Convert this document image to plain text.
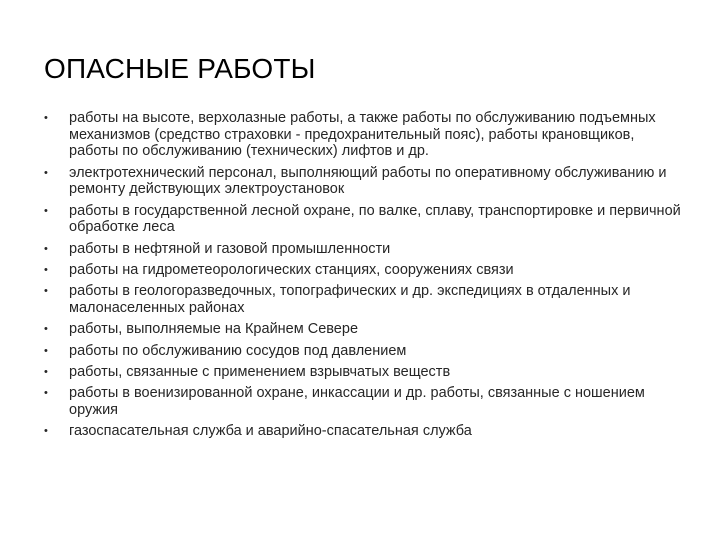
ОПАСНЫЕ РАБОТЫ
•	работы на высоте, верхолазные работы, а также работы по обслуживанию подъемных механизмов (средство страховки - предохранительный пояс), работы крановщиков, работы по обслуживанию (технических) лифтов и др.
•	электротехнический персонал, выполняющий работы по оперативному обслуживанию и ремонту действующих электроустановок
•	работы в государственной лесной охране, по валке, сплаву, транспортировке и первичной обработке леса
•	работы в нефтяной и газовой промышленности
•	работы на гидрометеорологических станциях, сооружениях связи
•	работы в геологоразведочных, топографических и др. экспедициях в отдаленных и малонаселенных районах
•	работы, выполняемые на Крайнем Севере
•	работы по обслуживанию сосудов под давлением
•	работы, связанные с применением взрывчатых веществ
•	работы в военизированной охране, инкассации и др. работы, связанные с ношением оружия
•	газоспасательная служба и аварийно-спасательная служба
